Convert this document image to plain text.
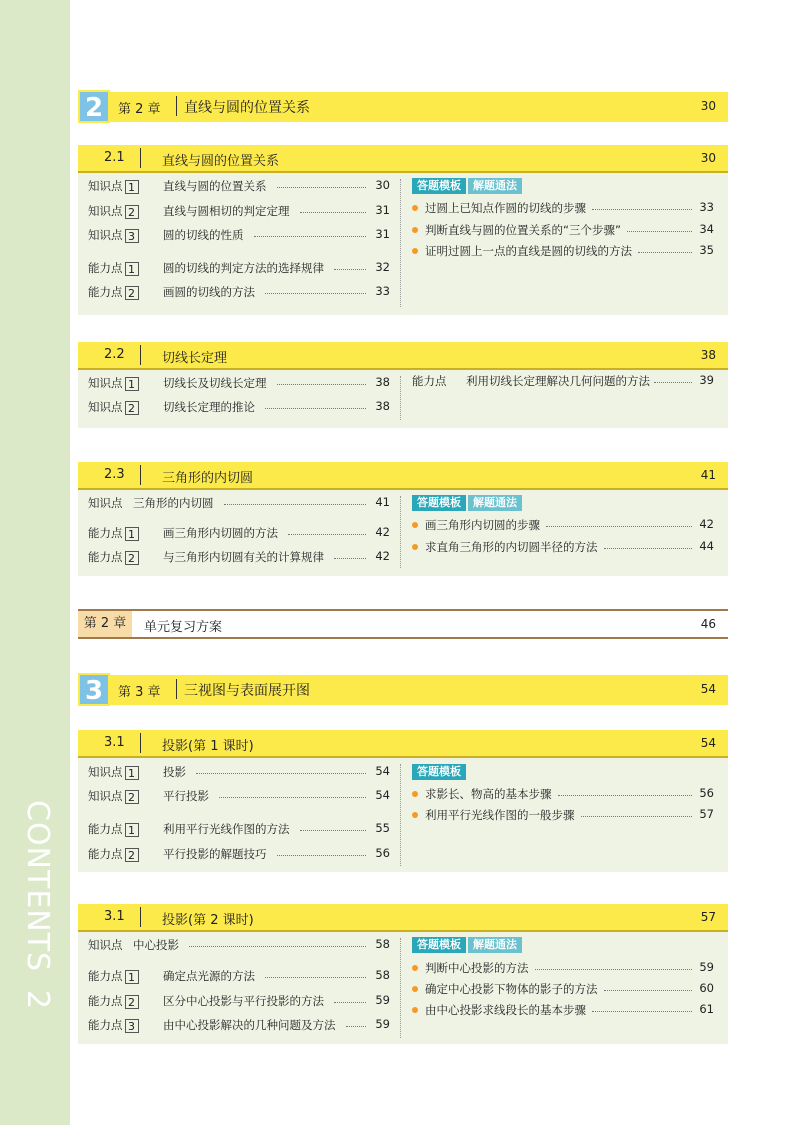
CONTENTS2
2	第 2 章 直线与圆的位置关系	30
2.1	直线与圆的位置关系	30
知识点 1	直线与圆的位置关系	30
知识点 2	直线与圆相切的判定定理	31
知识点 3	圆的切线的性质	31
能力点 1	圆的切线的判定方法的选择规律	32
能力点 2	画圆的切线的方法	33
答题模板 解题通法
过圆上已知点作圆的切线的步骤	33
判断直线与圆的位置关系的“三个步骤”	34
证明过圆上一点的直线是圆的切线的方法	35
2.2	切线长定理	38
知识点 1	切线长及切线长定理	38
知识点 2	切线长定理的推论	38
能力点 利用切线长定理解决几何问题的方法	39
2.3	三角形的内切圆	41
知识点 三角形的内切圆	41
能力点 1	画三角形内切圆的方法	42
能力点 2	与三角形内切圆有关的计算规律	42
答题模板 解题通法
画三角形内切圆的步骤	42
求直角三角形的内切圆半径的方法	44
第 2 章	单元复习方案	46
3	第 3 章 三视图与表面展开图	54
3.1	投影(第 1 课时)	54
知识点 1	投影	54
知识点 2	平行投影	54
能力点 1	利用平行光线作图的方法	55
能力点 2	平行投影的解题技巧	56
答题模板
求影长、物高的基本步骤	56
利用平行光线作图的一般步骤	57
3.1	投影(第 2 课时)	57
知识点 中心投影	58
能力点 1	确定点光源的方法	58
能力点 2	区分中心投影与平行投影的方法	59
能力点 3	由中心投影解决的几种问题及方法	59
答题模板 解题通法
判断中心投影的方法	59
确定中心投影下物体的影子的方法	60
由中心投影求线段长的基本步骤	61
